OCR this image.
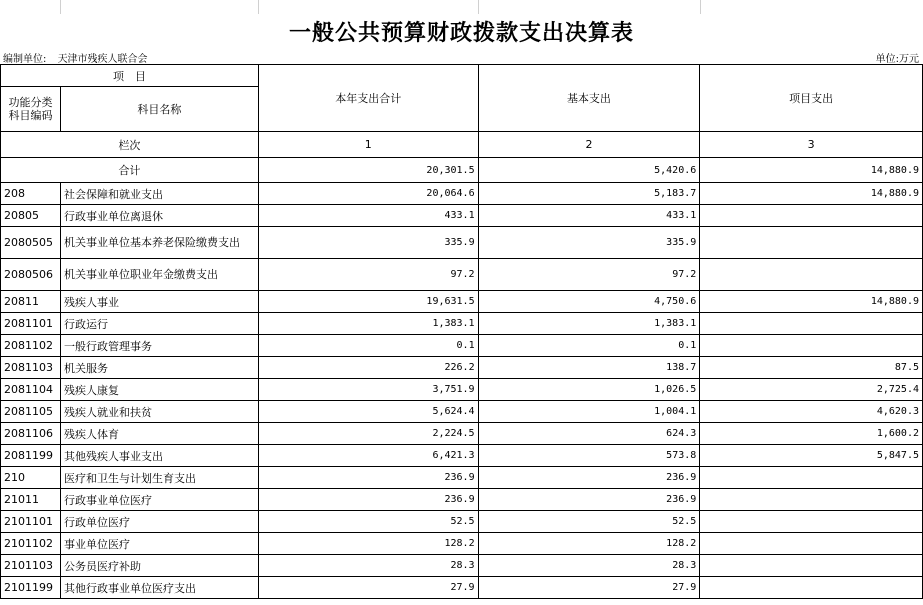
一般公共预算财政拨款支出决算表
编制单位: 天津市残疾人联合会	单位:万元
项　目		本年支出合计	基本支出	项目支出
功能分类科目编码	科目名称			

栏次		1	2	3
合计		20,301.5	5,420.6	14,880.9
208	社会保障和就业支出	20,064.6	5,183.7	14,880.9
20805	行政事业单位离退休	433.1	433.1	
2080505	机关事业单位基本养老保险缴费支出	335.9	335.9	
2080506	机关事业单位职业年金缴费支出	97.2	97.2	
20811	残疾人事业	19,631.5	4,750.6	14,880.9
2081101	行政运行	1,383.1	1,383.1	
2081102	一般行政管理事务	0.1	0.1	
2081103	机关服务	226.2	138.7	87.5
2081104	残疾人康复	3,751.9	1,026.5	2,725.4
2081105	残疾人就业和扶贫	5,624.4	1,004.1	4,620.3
2081106	残疾人体育	2,224.5	624.3	1,600.2
2081199	其他残疾人事业支出	6,421.3	573.8	5,847.5
210	医疗和卫生与计划生育支出	236.9	236.9	
21011	行政事业单位医疗	236.9	236.9	
2101101	行政单位医疗	52.5	52.5	
2101102	事业单位医疗	128.2	128.2	
2101103	公务员医疗补助	28.3	28.3	
2101199	其他行政事业单位医疗支出	27.9	27.9	
